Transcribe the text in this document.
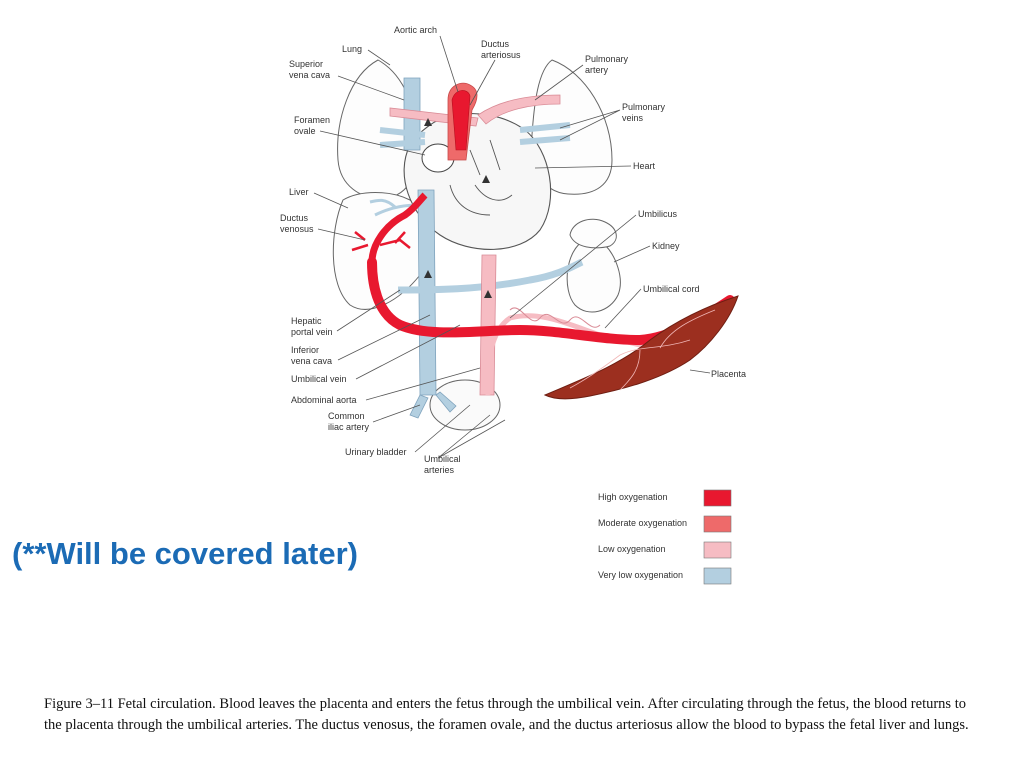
Aortic arch
Ductus
arteriosus
Lung
Superior
vena cava
Pulmonary
artery
Pulmonary
veins
Foramen
ovale
Heart
Liver
Ductus
venosus
Umbilicus
Kidney
Umbilical cord
Hepatic
portal vein
Inferior
vena cava
Umbilical vein	Placenta
Abdominal aorta
Common
iliac artery
Urinary bladder
Umbilical
arteries
High oxygenation
Moderate oxygenation
Low oxygenation
Very low oxygenation

(**Will be covered later)

Figure 3–11 Fetal circulation. Blood leaves the placenta and enters the fetus through the umbilical vein. After circulating through the fetus, the blood returns to the placenta through the umbilical arteries. The ductus venosus, the foramen ovale, and the ductus arteriosus allow the blood to bypass the fetal liver and lungs.
